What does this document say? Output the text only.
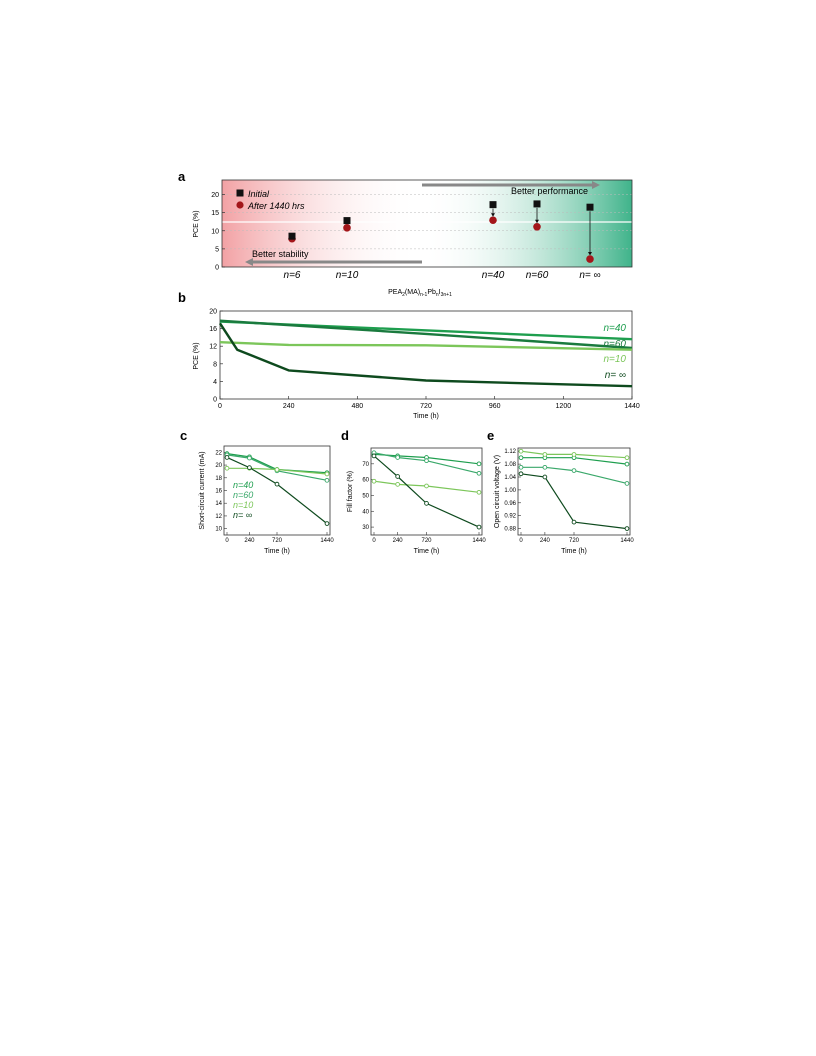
a
0
5
10
15
20
PCE (%)
Initial
After 1440 hrs
Better performance
Better stability
n=6	n=10	n=40 n=60	n= ∞
$PEA_2(MA)_{n-1}Pb_nI_{3n+1}$
b
0	240	480	720	960	1200	1440
0
4
8
12
16
20
n=40
n=60
n=10
n= ∞
PCE (%)
Time (h)
c	d	e
10
12
14
16
18
20
22
0	240	720	1440
Time (h)
Short-circuit current (mA)	30
40
50
60
70
0	240	720	1440
Time (h)
Fill factor (%)
0.88
0.92
0.96
1.00
1.04
1.08
1.12
0	240	720	1440
Time (h)
Open circuit voltage (V)
n=40
n=60
n=10
n= ∞
